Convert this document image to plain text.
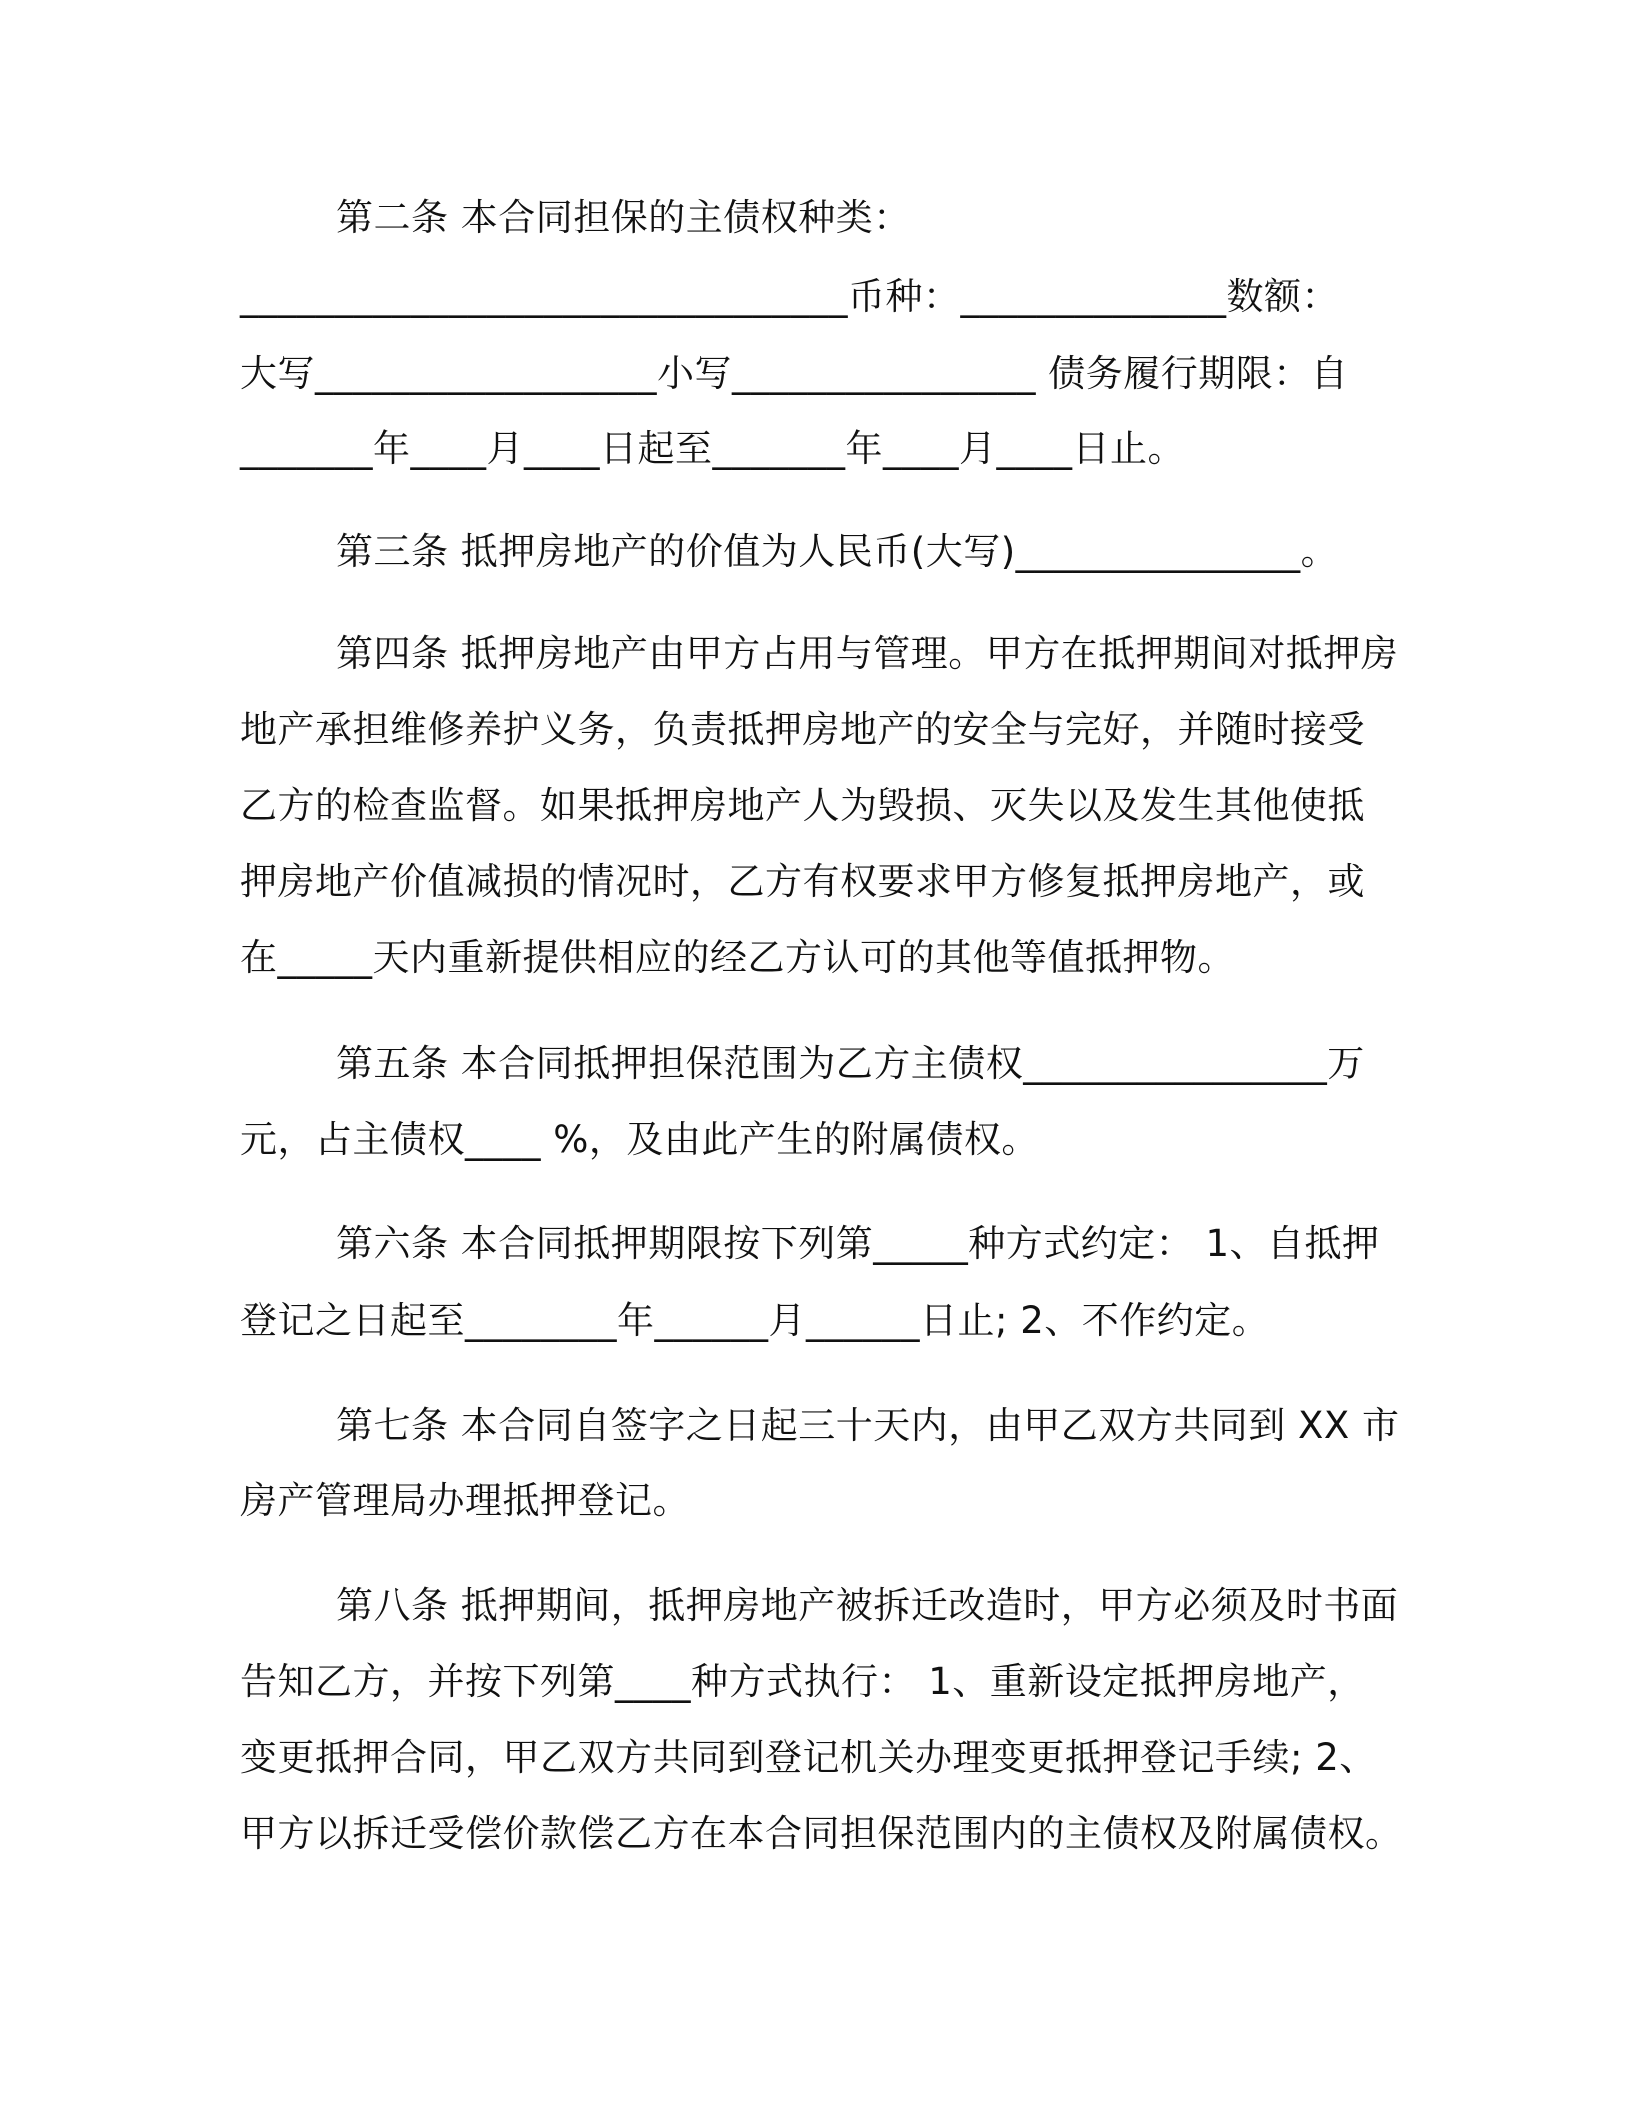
第二条 本合同担保的主债权种类：
________________________________币种：______________数额：
大写__________________小写________________ 债务履行期限：自
_______年____月____日起至_______年____月____日止。
第三条 抵押房地产的价值为人民币(大写)_______________。
第四条 抵押房地产由甲方占用与管理。甲方在抵押期间对抵押房
地产承担维修养护义务，负责抵押房地产的安全与完好，并随时接受
乙方的检查监督。如果抵押房地产人为毁损、灭失以及发生其他使抵
押房地产价值减损的情况时，乙方有权要求甲方修复抵押房地产，或
在_____天内重新提供相应的经乙方认可的其他等值抵押物。
第五条 本合同抵押担保范围为乙方主债权________________万
元，占主债权____ %，及由此产生的附属债权。
第六条 本合同抵押期限按下列第_____种方式约定： 1、自抵押
登记之日起至________年______月______日止; 2、不作约定。
第七条 本合同自签字之日起三十天内，由甲乙双方共同到 XX 市
房产管理局办理抵押登记。
第八条 抵押期间，抵押房地产被拆迁改造时，甲方必须及时书面
告知乙方，并按下列第____种方式执行： 1、重新设定抵押房地产，
变更抵押合同，甲乙双方共同到登记机关办理变更抵押登记手续; 2、
甲方以拆迁受偿价款偿乙方在本合同担保范围内的主债权及附属债权。
